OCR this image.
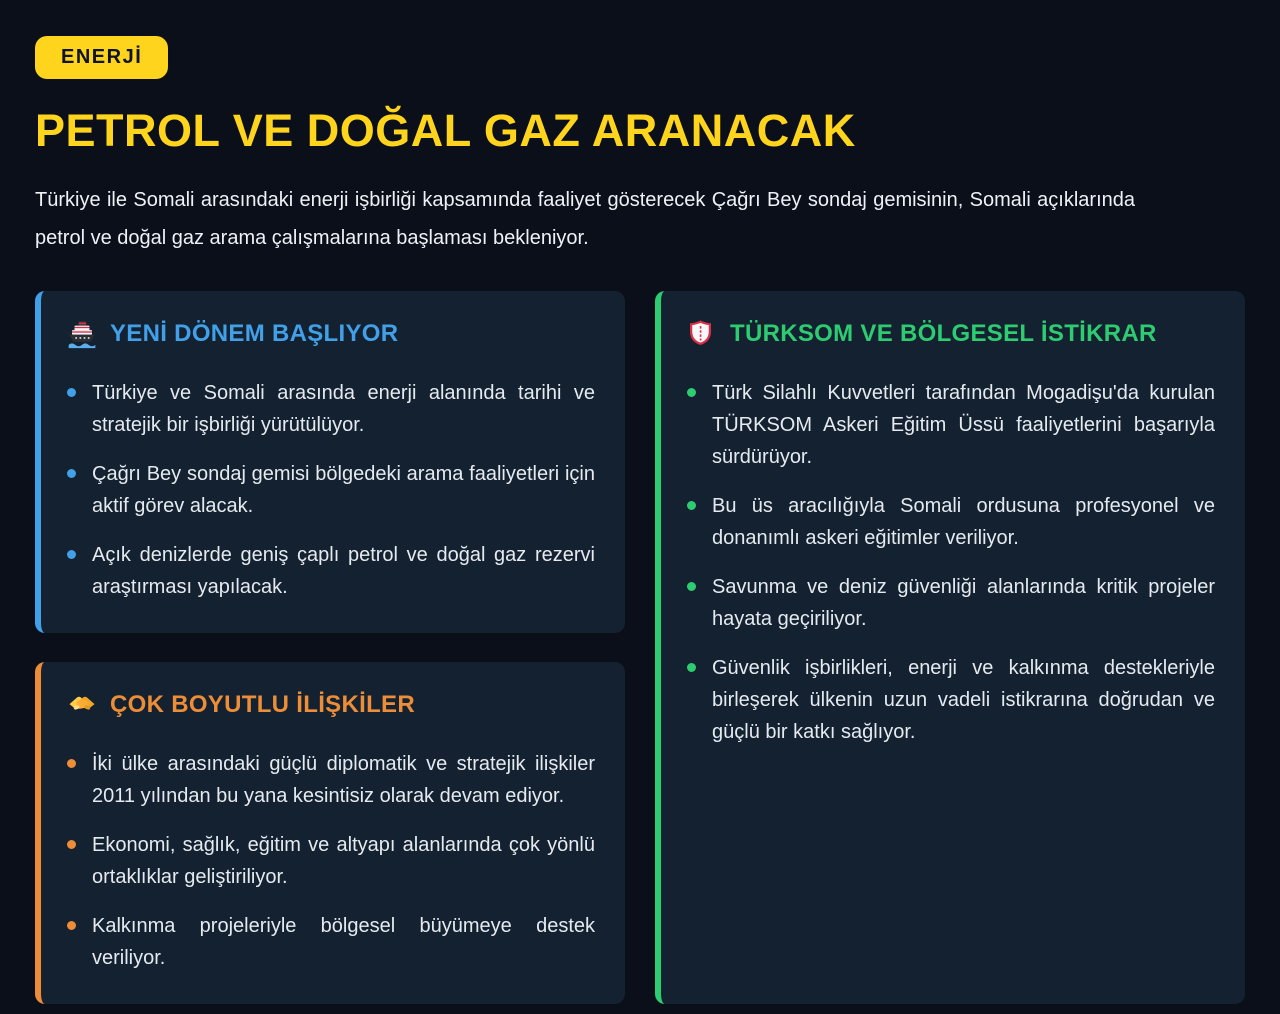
ENERJİ
PETROL VE DOĞAL GAZ ARANACAK

Türkiye ile Somali arasındaki enerji işbirliği kapsamında faaliyet gösterecek Çağrı Bey sondaj gemisinin, Somali açıklarında petrol ve doğal gaz arama çalışmalarına başlaması bekleniyor.

YENİ DÖNEM BAŞLIYOR
Türkiye ve Somali arasında enerji alanında tarihi ve stratejik bir işbirliği yürütülüyor.
Çağrı Bey sondaj gemisi bölgedeki arama faaliyetleri için aktif görev alacak.
Açık denizlerde geniş çaplı petrol ve doğal gaz rezervi araştırması yapılacak.
ÇOK BOYUTLU İLİŞKİLER
İki ülke arasındaki güçlü diplomatik ve stratejik ilişkiler 2011 yılından bu yana kesintisiz olarak devam ediyor.
Ekonomi, sağlık, eğitim ve altyapı alanlarında çok yönlü ortaklıklar geliştiriliyor.
Kalkınma projeleriyle bölgesel büyümeye destek veriliyor.
TÜRKSOM VE BÖLGESEL İSTİKRAR
Türk Silahlı Kuvvetleri tarafından Mogadişu'da kurulan TÜRKSOM Askeri Eğitim Üssü faaliyetlerini başarıyla sürdürüyor.
Bu üs aracılığıyla Somali ordusuna profesyonel ve donanımlı askeri eğitimler veriliyor.
Savunma ve deniz güvenliği alanlarında kritik projeler hayata geçiriliyor.
Güvenlik işbirlikleri, enerji ve kalkınma destekleriyle birleşerek ülkenin uzun vadeli istikrarına doğrudan ve güçlü bir katkı sağlıyor.
